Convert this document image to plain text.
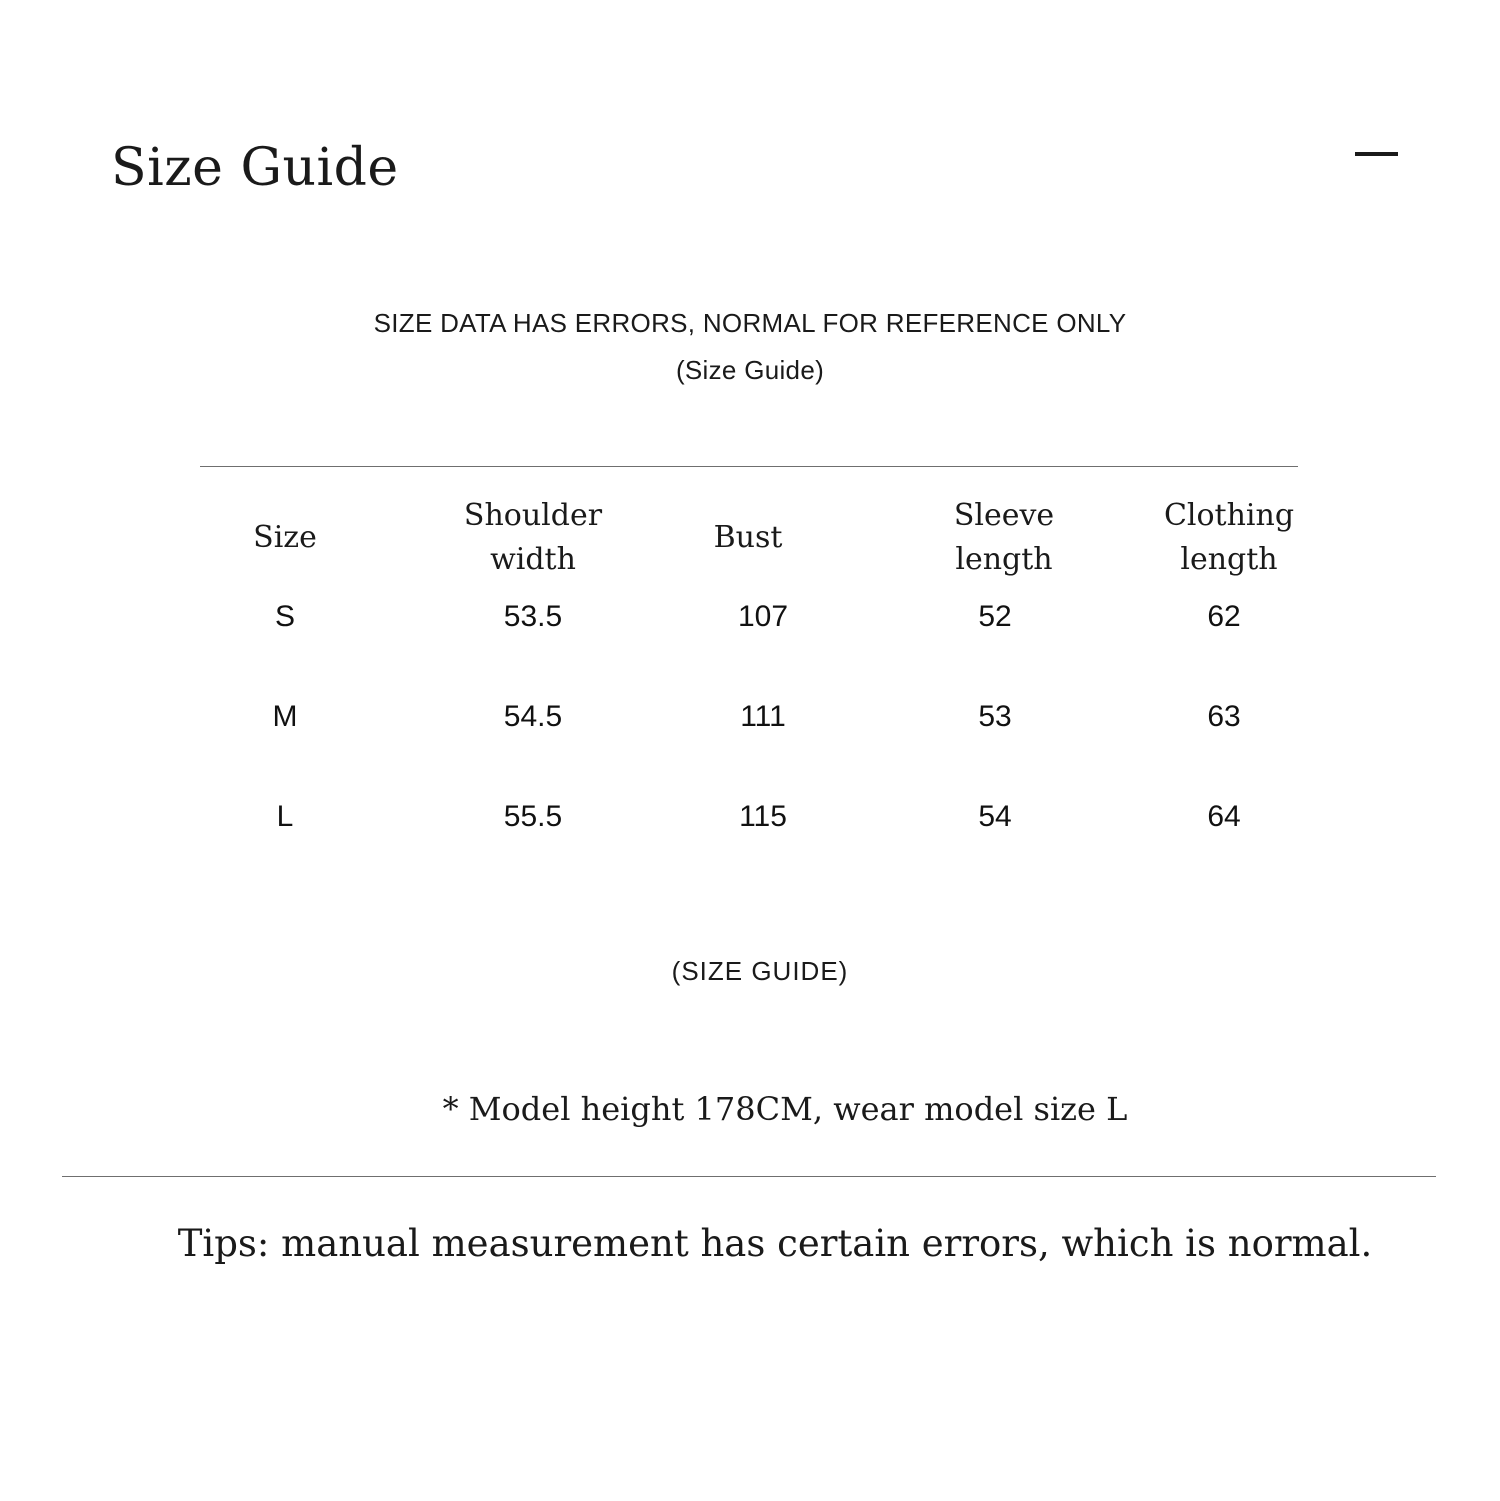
Size Guide
SIZE DATA HAS ERRORS, NORMAL FOR REFERENCE ONLY
(Size Guide)
Size	Shoulder width	Bust	Sleeve length	Clothing length
S	53.5	107	52	62
M	54.5	111	53	63
L	55.5	115	54	64
(SIZE GUIDE)
* Model height 178CM, wear model size L
Tips: manual measurement has certain errors, which is normal.
